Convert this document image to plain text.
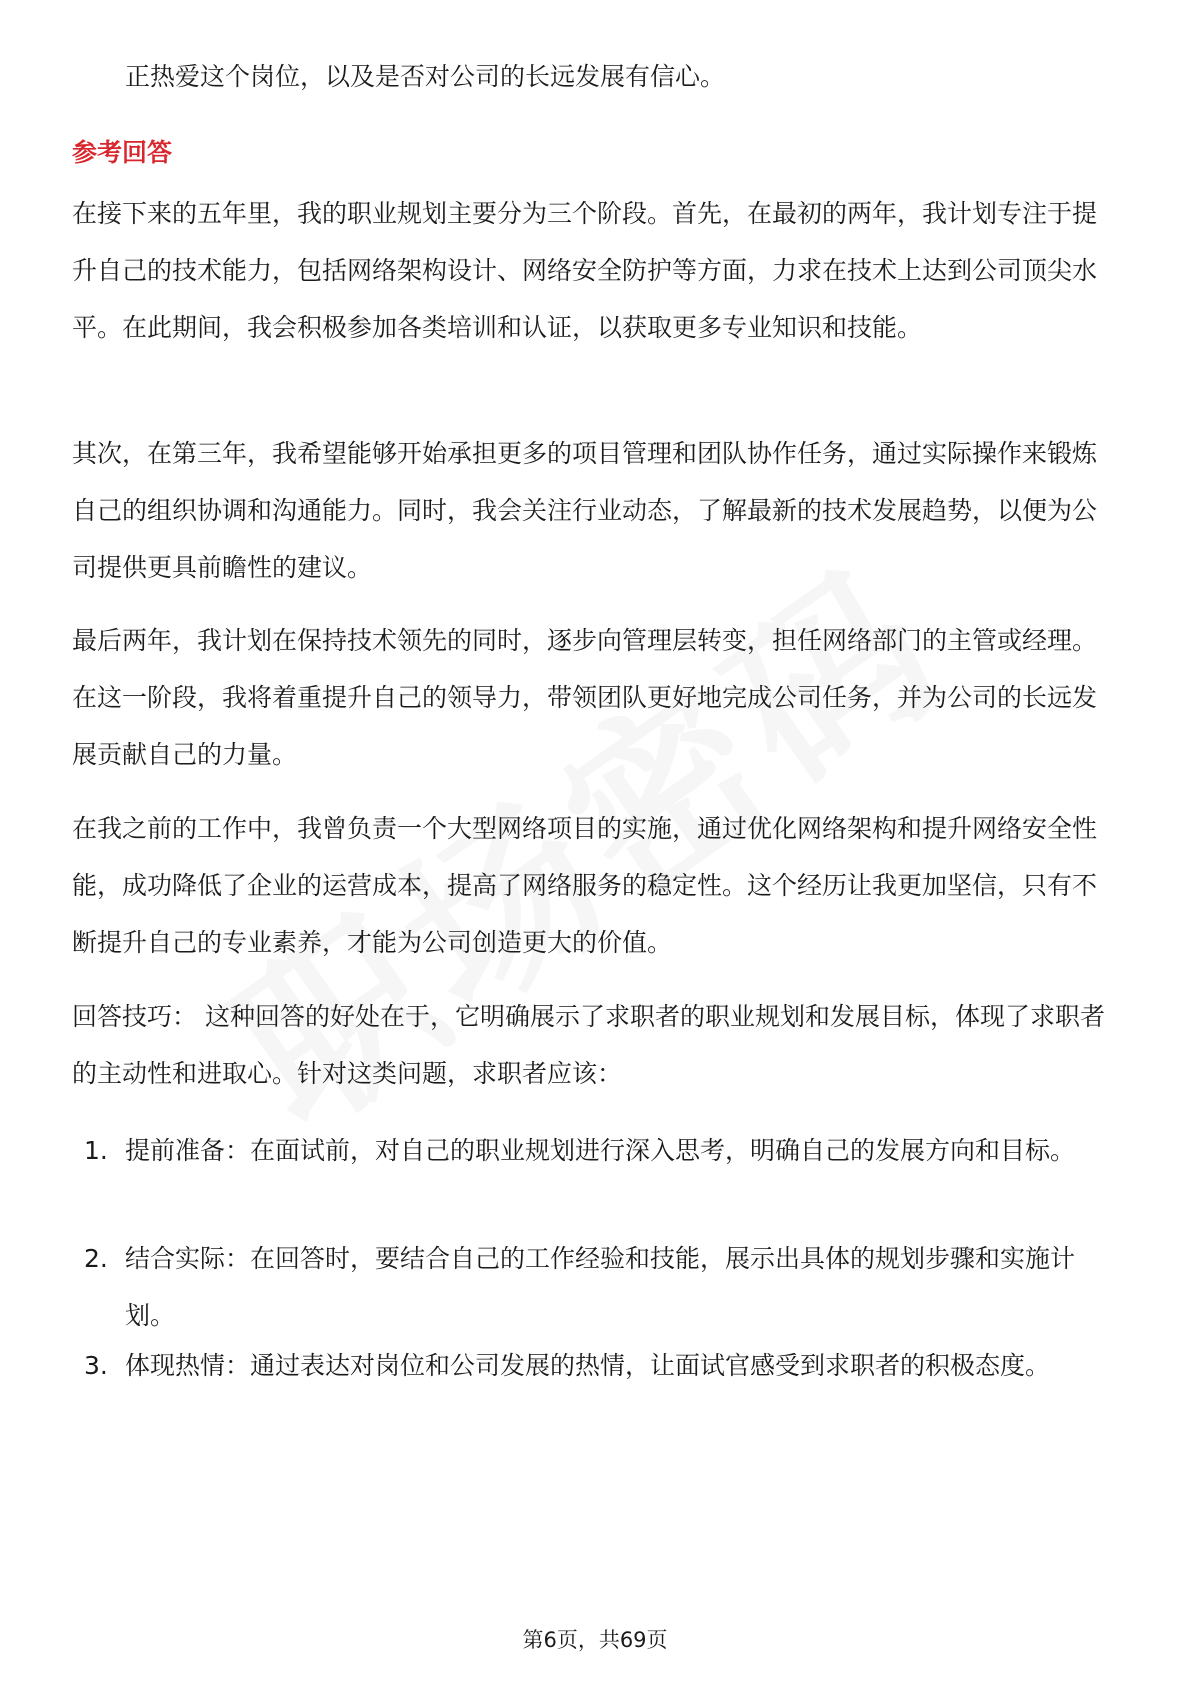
正热爱这个岗位，以及是否对公司的长远发展有信心。

参考回答

在接下来的五年里，我的职业规划主要分为三个阶段。首先，在最初的两年，我计划专注于提升自己的技术能力，包括网络架构设计、网络安全防护等方面，力求在技术上达到公司顶尖水平。在此期间，我会积极参加各类培训和认证，以获取更多专业知识和技能。

其次，在第三年，我希望能够开始承担更多的项目管理和团队协作任务，通过实际操作来锻炼自己的组织协调和沟通能力。同时，我会关注行业动态，了解最新的技术发展趋势，以便为公司提供更具前瞻性的建议。

最后两年，我计划在保持技术领先的同时，逐步向管理层转变，担任网络部门的主管或经理。在这一阶段，我将着重提升自己的领导力，带领团队更好地完成公司任务，并为公司的长远发展贡献自己的力量。

在我之前的工作中，我曾负责一个大型网络项目的实施，通过优化网络架构和提升网络安全性能，成功降低了企业的运营成本，提高了网络服务的稳定性。这个经历让我更加坚信，只有不断提升自己的专业素养，才能为公司创造更大的价值。

回答技巧： 这种回答的好处在于，它明确展示了求职者的职业规划和发展目标，体现了求职者的主动性和进取心。针对这类问题，求职者应该：

1. 提前准备：在面试前，对自己的职业规划进行深入思考，明确自己的发展方向和目标。
2. 结合实际：在回答时，要结合自己的工作经验和技能，展示出具体的规划步骤和实施计划。
3. 体现热情：通过表达对岗位和公司发展的热情，让面试官感受到求职者的积极态度。
第6页，共69页
